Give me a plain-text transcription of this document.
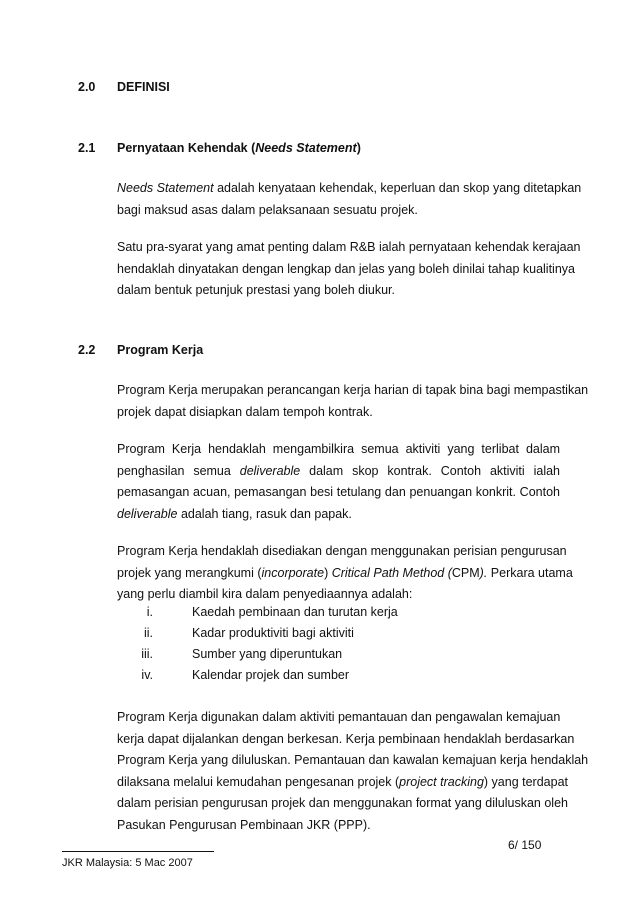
2.0 DEFINISI
2.1 Pernyataan Kehendak (Needs Statement)
Needs Statement adalah kenyataan kehendak, keperluan dan skop yang ditetapkan
bagi maksud asas dalam pelaksanaan sesuatu projek.
Satu pra-syarat yang amat penting dalam R&B ialah pernyataan kehendak kerajaan
hendaklah dinyatakan dengan lengkap dan jelas yang boleh dinilai tahap kualitinya
dalam bentuk petunjuk prestasi yang boleh diukur.
2.2 Program Kerja
Program Kerja merupakan perancangan kerja harian di tapak bina bagi mempastikan
projek dapat disiapkan dalam tempoh kontrak.
Program Kerja hendaklah mengambilkira semua aktiviti yang terlibat dalam
penghasilan semua deliverable dalam skop kontrak. Contoh aktiviti ialah
pemasangan acuan, pemasangan besi tetulang dan penuangan konkrit. Contoh
deliverable adalah tiang, rasuk dan papak.
Program Kerja hendaklah disediakan dengan menggunakan perisian pengurusan
projek yang merangkumi (incorporate) Critical Path Method (CPM). Perkara utama
yang perlu diambil kira dalam penyediaannya adalah:
i.	Kaedah pembinaan dan turutan kerja
ii.	Kadar produktiviti bagi aktiviti
iii.	Sumber yang diperuntukan
iv.	Kalendar projek dan sumber
Program Kerja digunakan dalam aktiviti pemantauan dan pengawalan kemajuan
kerja dapat dijalankan dengan berkesan. Kerja pembinaan hendaklah berdasarkan
Program Kerja yang diluluskan. Pemantauan dan kawalan kemajuan kerja hendaklah
dilaksana melalui kemudahan pengesanan projek (project tracking) yang terdapat
dalam perisian pengurusan projek dan menggunakan format yang diluluskan oleh
Pasukan Pengurusan Pembinaan JKR (PPP).
6/ 150
JKR Malaysia: 5 Mac 2007
